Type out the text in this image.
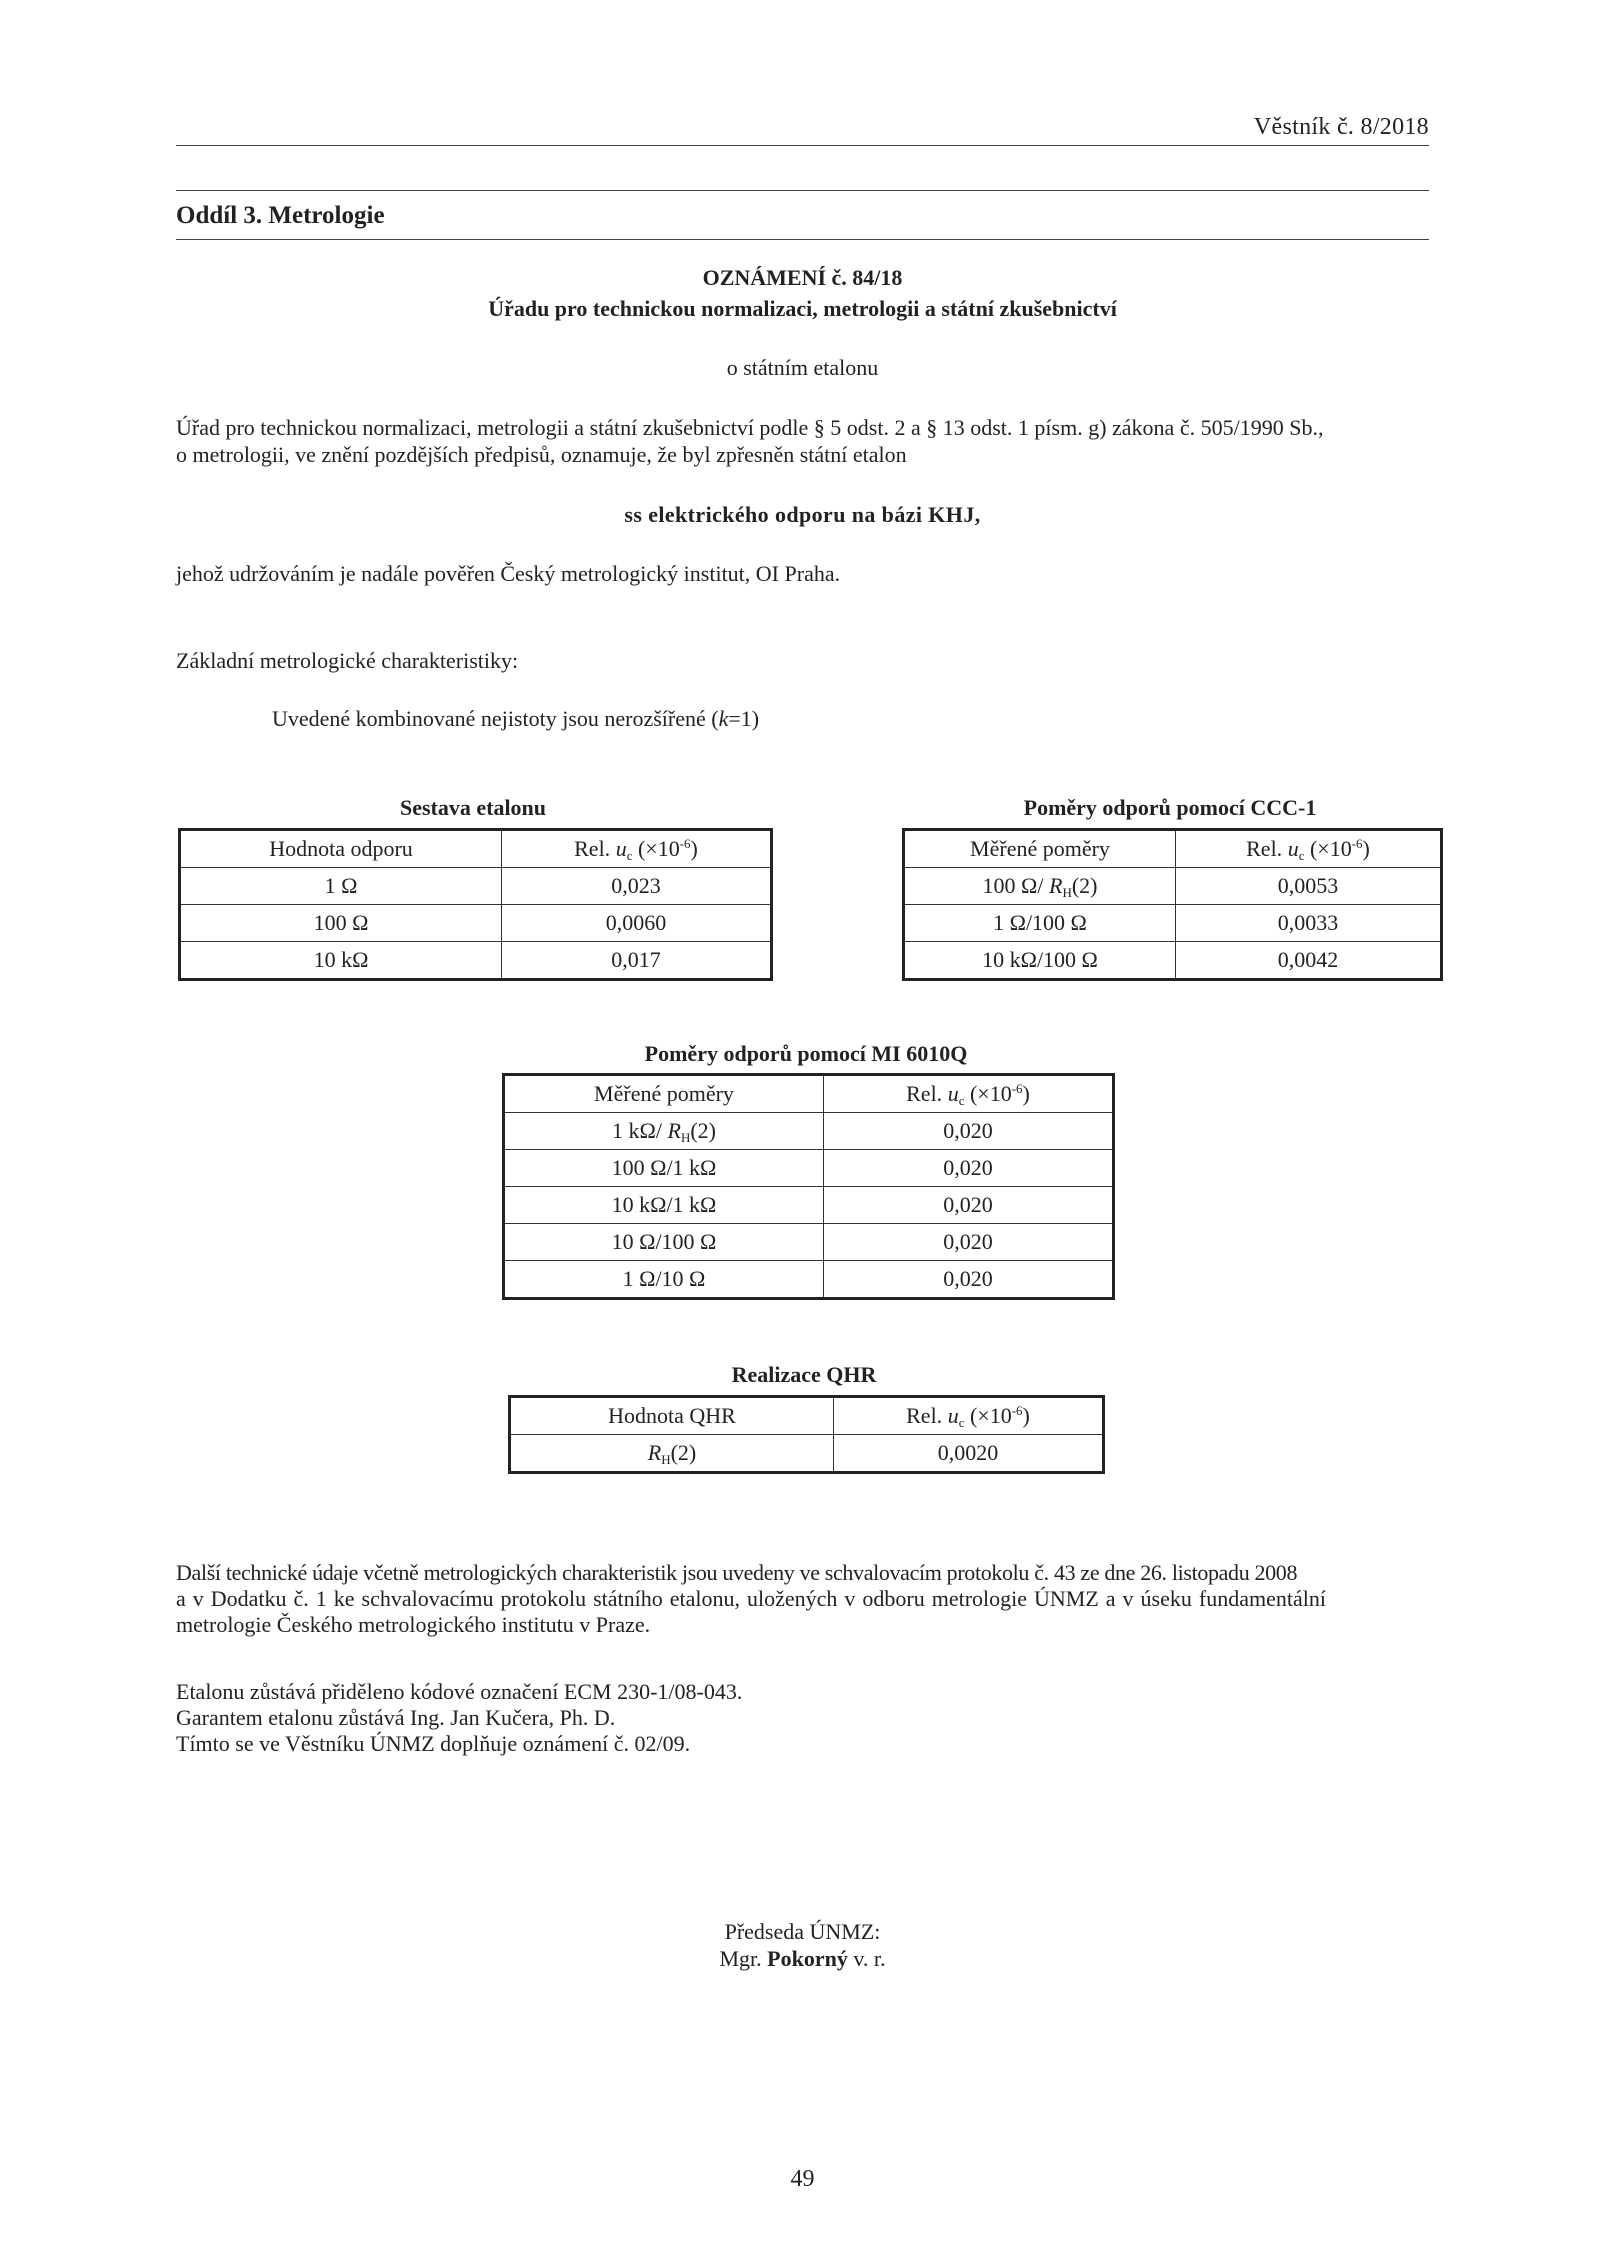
Věstník č. 8/2018
Oddíl 3. Metrologie
OZNÁMENÍ č. 84/18
Úřadu pro technickou normalizaci, metrologii a státní zkušebnictví
o státním etalonu
Úřad pro technickou normalizaci, metrologii a státní zkušebnictví podle § 5 odst. 2 a § 13 odst. 1 písm. g) zákona č. 505/1990 Sb.,
o metrologii, ve znění pozdějších předpisů, oznamuje, že byl zpřesněn státní etalon
ss elektrického odporu na bázi KHJ,
jehož udržováním je nadále pověřen Český metrologický institut, OI Praha.
Základní metrologické charakteristiky:
Uvedené kombinované nejistoty jsou nerozšířené (k=1)
Sestava etalonu
Hodnota odporu	Rel. $u_c$ $(\times 10^{-6})$
1 Ω	0,023
100 Ω	0,0060
10 kΩ	0,017
Poměry odporů pomocí CCC-1
Měřené poměry	Rel. $u_c$ $(\times 10^{-6})$
100 Ω/ $R_H(2)$	0,0053
1 Ω/100 Ω	0,0033
10 kΩ/100 Ω	0,0042
Poměry odporů pomocí MI 6010Q
Měřené poměry	Rel. $u_c$ $(\times 10^{-6})$
1 kΩ/ $R_H(2)$	0,020
100 Ω/1 kΩ	0,020
10 kΩ/1 kΩ	0,020
10 Ω/100 Ω	0,020
1 Ω/10 Ω	0,020
Realizace QHR
Hodnota QHR	Rel. $u_c$ $(\times 10^{-6})$
$R_H(2)$	0,0020
Další technické údaje včetně metrologických charakteristik jsou uvedeny ve schvalovacím protokolu č. 43 ze dne 26. listopadu 2008
a v Dodatku č. 1 ke schvalovacímu protokolu státního etalonu, uložených v odboru metrologie ÚNMZ a v úseku fundamentální
metrologie Českého metrologického institutu v Praze.
Etalonu zůstává přiděleno kódové označení ECM 230-1/08-043.
Garantem etalonu zůstává Ing. Jan Kučera, Ph. D.
Tímto se ve Věstníku ÚNMZ doplňuje oznámení č. 02/09.
Předseda ÚNMZ:
Mgr. Pokorný v. r.
49
